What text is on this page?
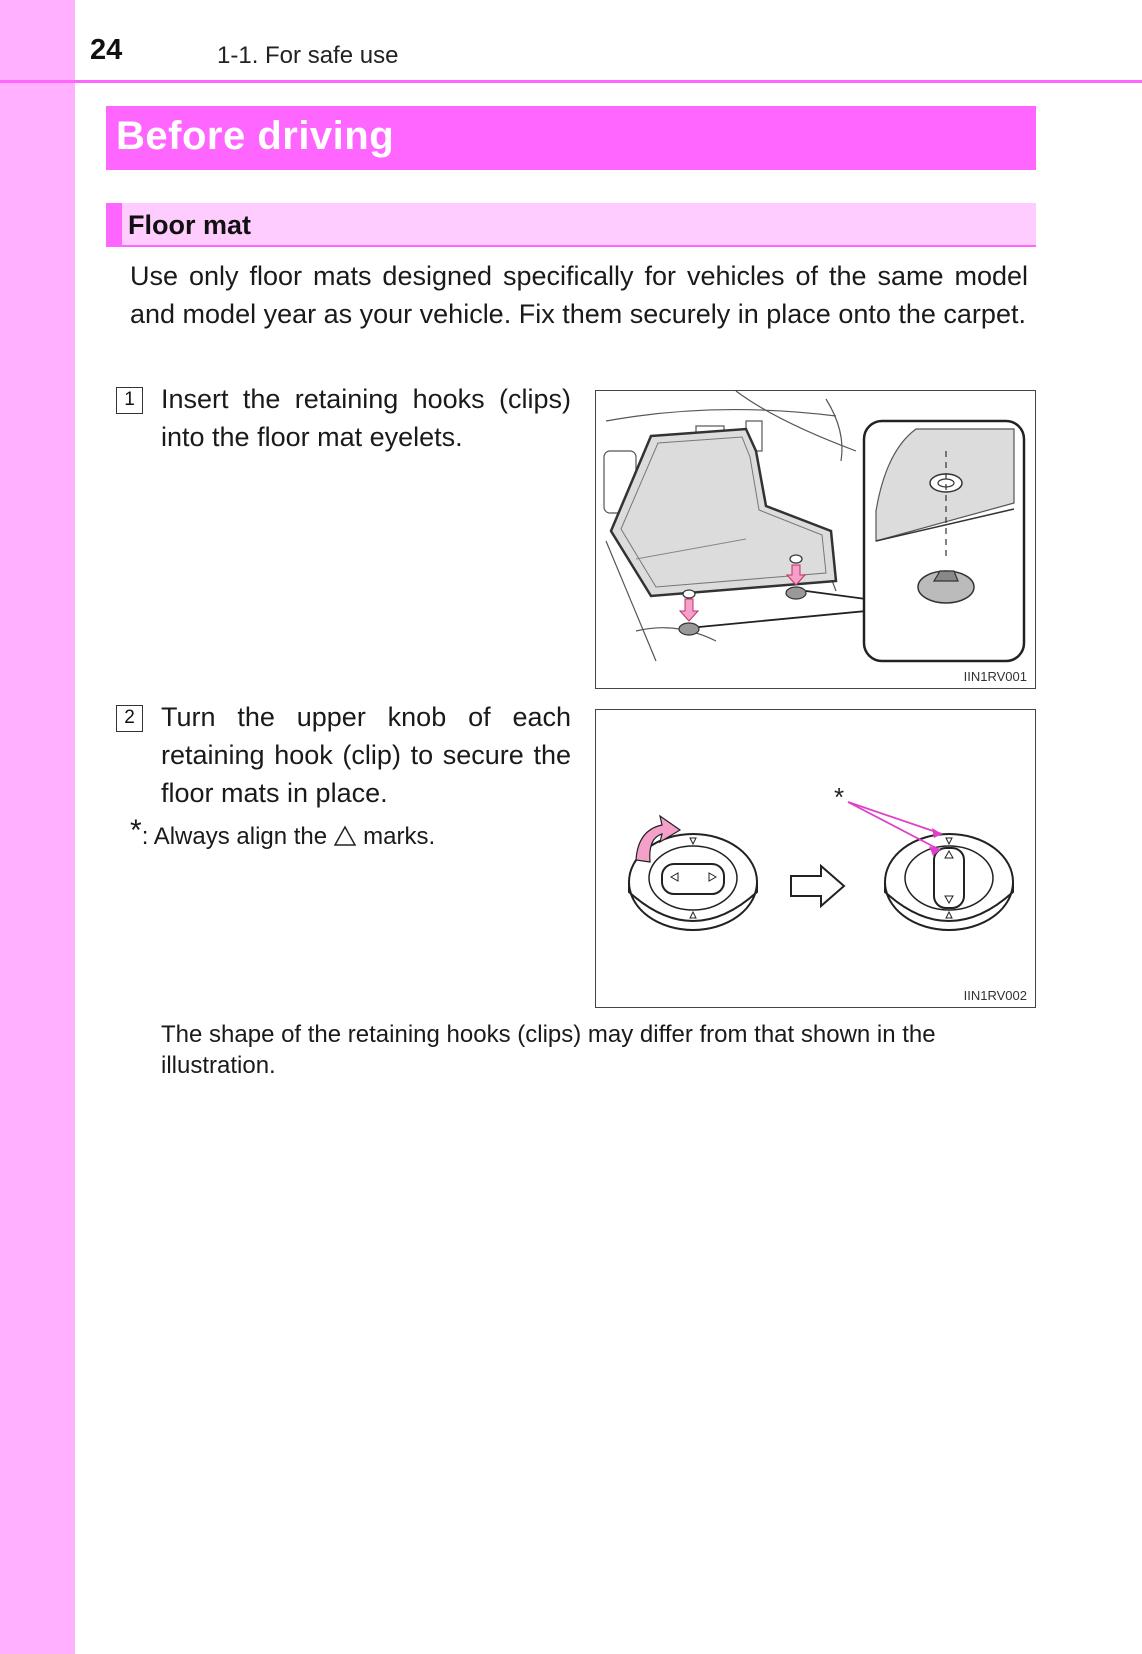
24	1-1. For safe use
Before driving
Floor mat
Use only floor mats designed specifically for vehicles of the same model and model year as your vehicle. Fix them securely in place onto the carpet.
1 Insert the retaining hooks (clips) into the floor mat eyelets.
IIN1RV001
2 Turn the upper knob of each retaining hook (clip) to secure the floor mats in place.
*: Always align the marks.
*
IIN1RV002
The shape of the retaining hooks (clips) may differ from that shown in the illustration.
